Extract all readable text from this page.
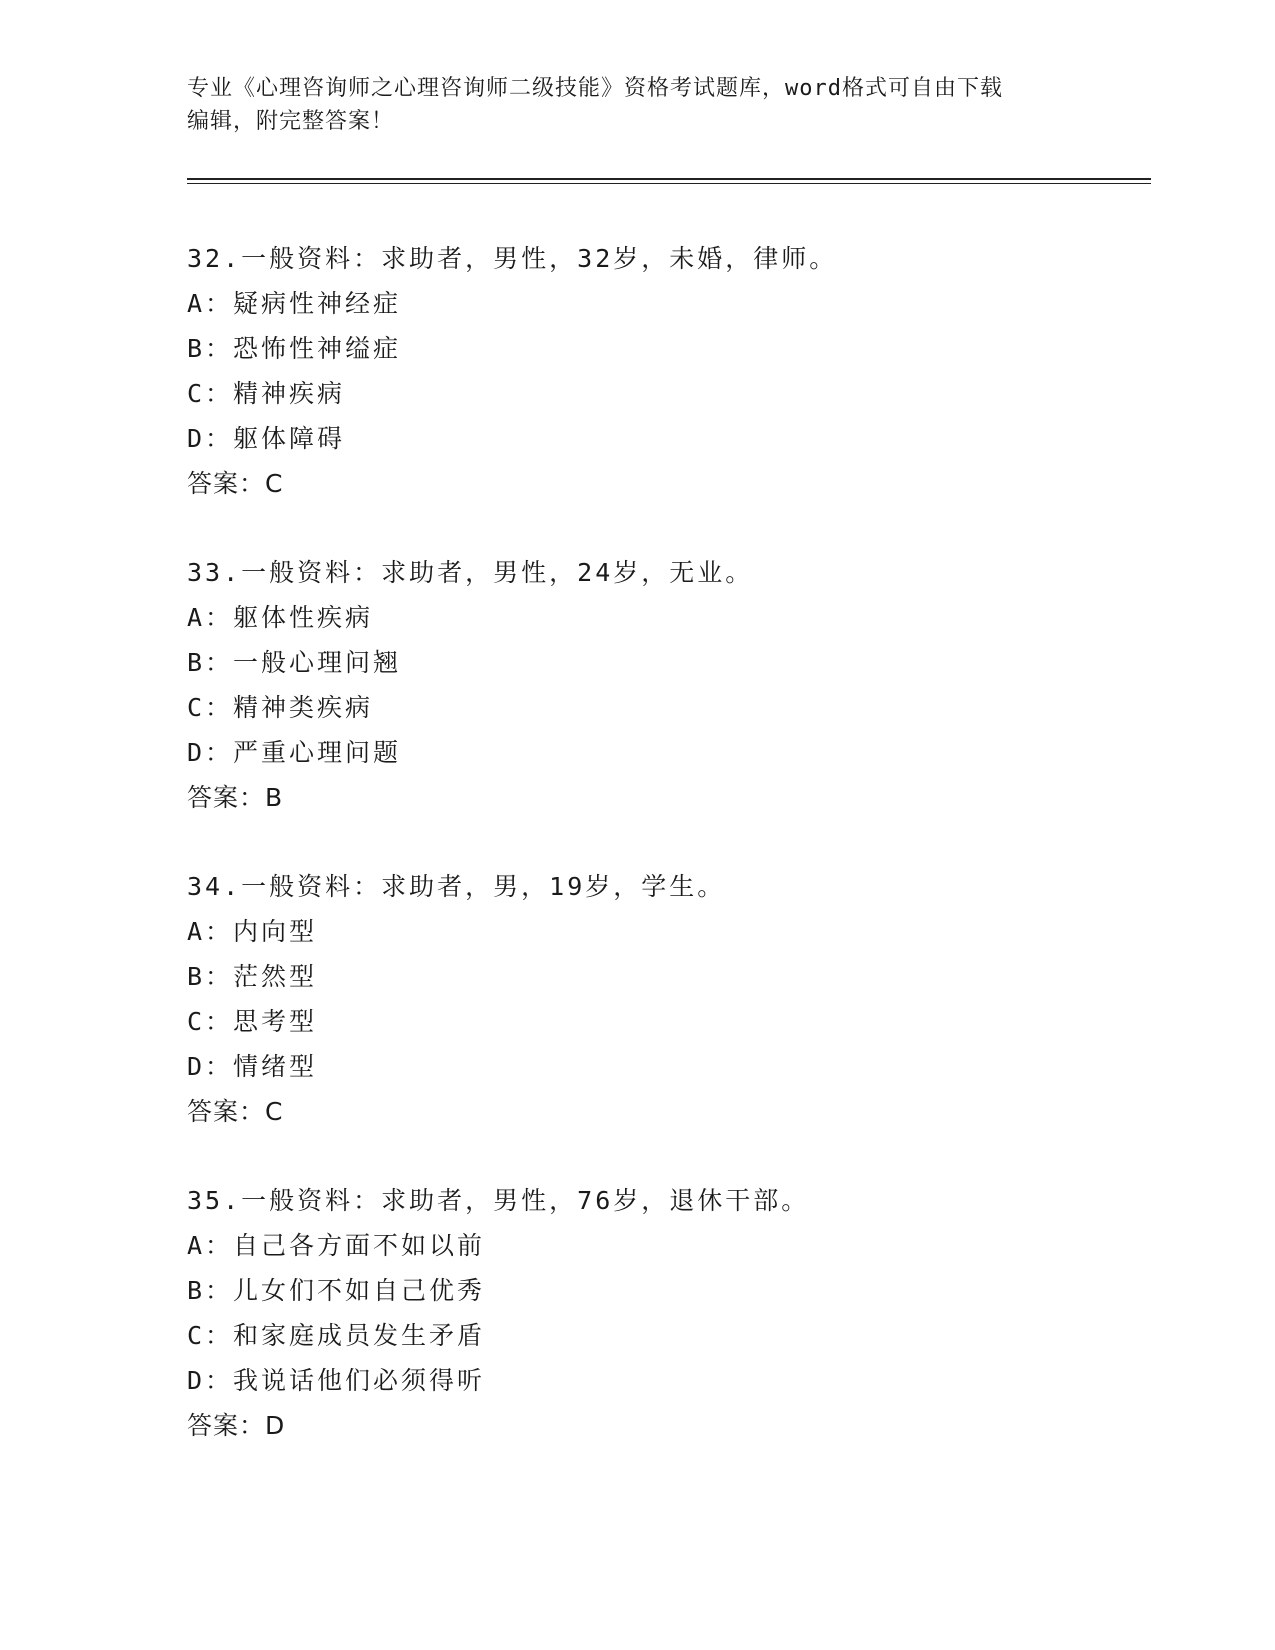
专业《心理咨询师之心理咨询师二级技能》资格考试题库，word格式可自由下载
编辑，附完整答案！
32.一般资料：求助者，男性，32岁，未婚，律师。
A：疑病性神经症
B：恐怖性神缢症
C：精神疾病
D：躯体障碍
答案：C
33.一般资料：求助者，男性，24岁，无业。
A：躯体性疾病
B：一般心理问翘
C：精神类疾病
D：严重心理问题
答案：B
34.一般资料：求助者，男，19岁，学生。
A：内向型
B：茫然型
C：思考型
D：情绪型
答案：C
35.一般资料：求助者，男性，76岁，退休干部。
A：自己各方面不如以前
B：儿女们不如自己优秀
C：和家庭成员发生矛盾
D：我说话他们必须得听
答案：D
